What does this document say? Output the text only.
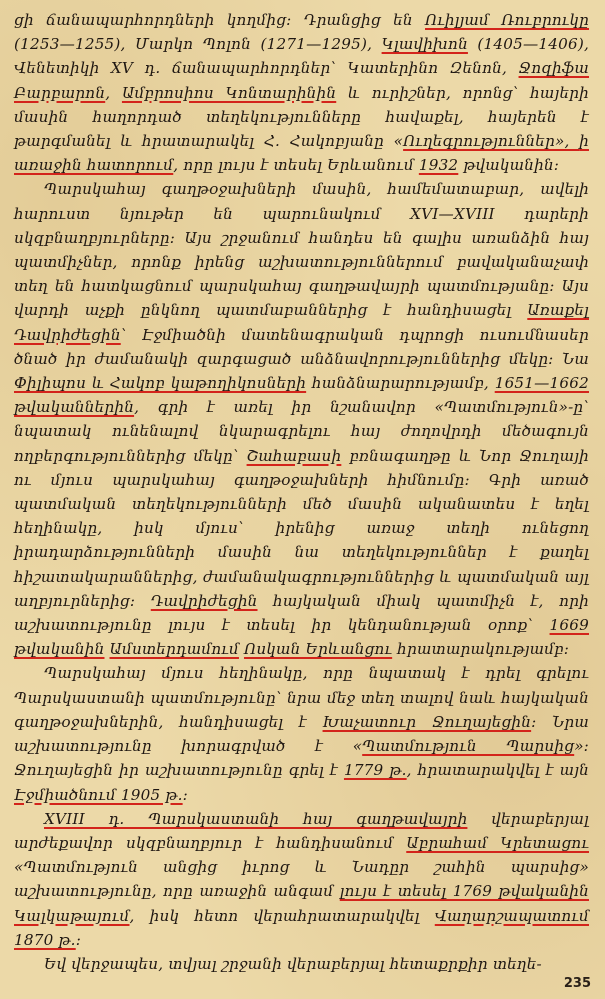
ցի ճանապարհորդների կողմից: Դրանցից են Ուիլյամ Ռուբրուկը (1253—1255), Մարկո Պոլոն (1271—1295), Կլավիխոն (1405—1406), Վենետիկի XV դ. ճանապարհորդներ՝ Կատերինո Զենոն, Ջոզիֆա Բարբարոն, Ամբրոսիոս Կոնտարինին և ուրիշներ, որոնց՝ հայերի մասին հաղորդած տեղեկությունները հավաքել, հայերեն է թարգմանել և հրատարակել Հ. Հակոբյանը «Ուղեգրություններ», ի առաջին հատորում, որը լույս է տեսել Երևանում 1932 թվականին:

Պարսկահայ գաղթօջախների մասին, համեմատաբար, ավելի հարուստ նյութեր են պարունակում XVI—XVIII դարերի սկզբնաղբյուրները: Այս շրջանում հանդես են գալիս առանձին հայ պատմիչներ, որոնք իրենց աշխատություններում բավականաչափ տեղ են հատկացնում պարսկահայ գաղթավայրի պատմությանը: Այս վարդի աչքի ընկնող պատմաբաններից է հանդիսացել Առաքել Դավրիժեցին՝ Էջմիածնի մատենագրական դպրոցի ուսումնասեր ծնած իր ժամանակի զարգացած անձնավորություններից մեկը: Նա Փիլիպոս և Հակոբ կաթողիկոսների հանձնարարությամբ, 1651—1662 թվականներին, գրի է առել իր նշանավոր «Պատմություն»-ը՝ նպատակ ունենալով նկարագրելու հայ ժողովրդի մեծագույն ողբերգություններից մեկը՝ Շահաբասի բռնագաղթը և Նոր Ջուղայի ու մյուս պարսկահայ գաղթօջախների հիմնումը: Գրի առած պատմական տեղեկությունների մեծ մասին ականատես է եղել հեղինակը, իսկ մյուս՝ իրենից առաջ տեղի ունեցող իրադարձությունների մասին նա տեղեկություններ է քաղել հիշատակարաններից, ժամանակագրություններից և պատմական այլ աղբյուրներից: Դավրիժեցին հայկական միակ պատմիչն է, որի աշխատությունը լույս է տեսել իր կենդանության օրոք՝ 1669 թվականին Ամստերդամում Ոսկան Երևանցու հրատարակությամբ:

Պարսկահայ մյուս հեղինակը, որը նպատակ է դրել գրելու Պարսկաստանի պատմությունը՝ նրա մեջ տեղ տալով նաև հայկական գաղթօջախներին, հանդիսացել է Խաչատուր Ջուղայեցին: Նրա աշխատությունը խորագրված է «Պատմություն Պարսից»: Ջուղայեցին իր աշխատությունը գրել է 1779 թ., հրատարակվել է այն Էջմիածնում 1905 թ.:

XVIII դ. Պարսկաստանի հայ գաղթավայրի վերաբերյալ արժեքավոր սկզբնաղբյուր է հանդիսանում Աբրահամ Կրետացու «Պատմություն անցից իւրոց և Նադըր շահին պարսից» աշխատությունը, որը առաջին անգամ լույս է տեսել 1769 թվականին Կալկաթայում, իսկ հետո վերահրատարակվել Վաղարշապատում 1870 թ.:

Եվ վերջապես, տվյալ շրջանի վերաբերյալ հետաքրքիր տեղե-

235
